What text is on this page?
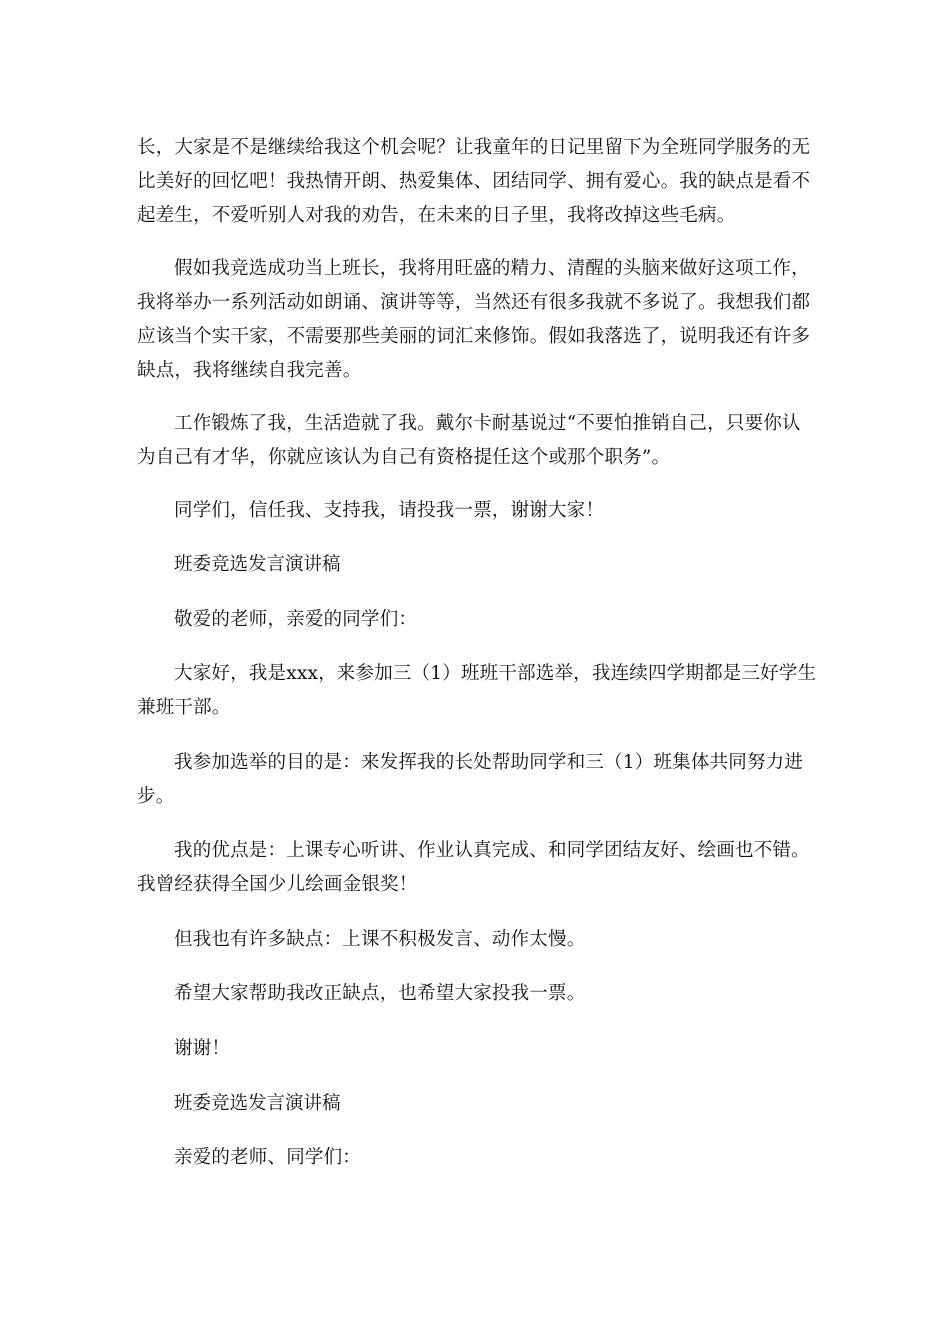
长，大家是不是继续给我这个机会呢？让我童年的日记里留下为全班同学服务的无比美好的回忆吧！我热情开朗、热爱集体、团结同学、拥有爱心。我的缺点是看不起差生，不爱听别人对我的劝告，在未来的日子里，我将改掉这些毛病。

假如我竞选成功当上班长，我将用旺盛的精力、清醒的头脑来做好这项工作，我将举办一系列活动如朗诵、演讲等等，当然还有很多我就不多说了。我想我们都应该当个实干家，不需要那些美丽的词汇来修饰。假如我落选了，说明我还有许多缺点，我将继续自我完善。

工作锻炼了我，生活造就了我。戴尔卡耐基说过“不要怕推销自己，只要你认为自己有才华，你就应该认为自己有资格提任这个或那个职务”。

同学们，信任我、支持我，请投我一票，谢谢大家！

班委竞选发言演讲稿

敬爱的老师，亲爱的同学们：

大家好，我是xxx，来参加三（1）班班干部选举，我连续四学期都是三好学生兼班干部。

我参加选举的目的是：来发挥我的长处帮助同学和三（1）班集体共同努力进步。

我的优点是：上课专心听讲、作业认真完成、和同学团结友好、绘画也不错。我曾经获得全国少儿绘画金银奖！

但我也有许多缺点：上课不积极发言、动作太慢。

希望大家帮助我改正缺点，也希望大家投我一票。

谢谢！

班委竞选发言演讲稿

亲爱的老师、同学们：
